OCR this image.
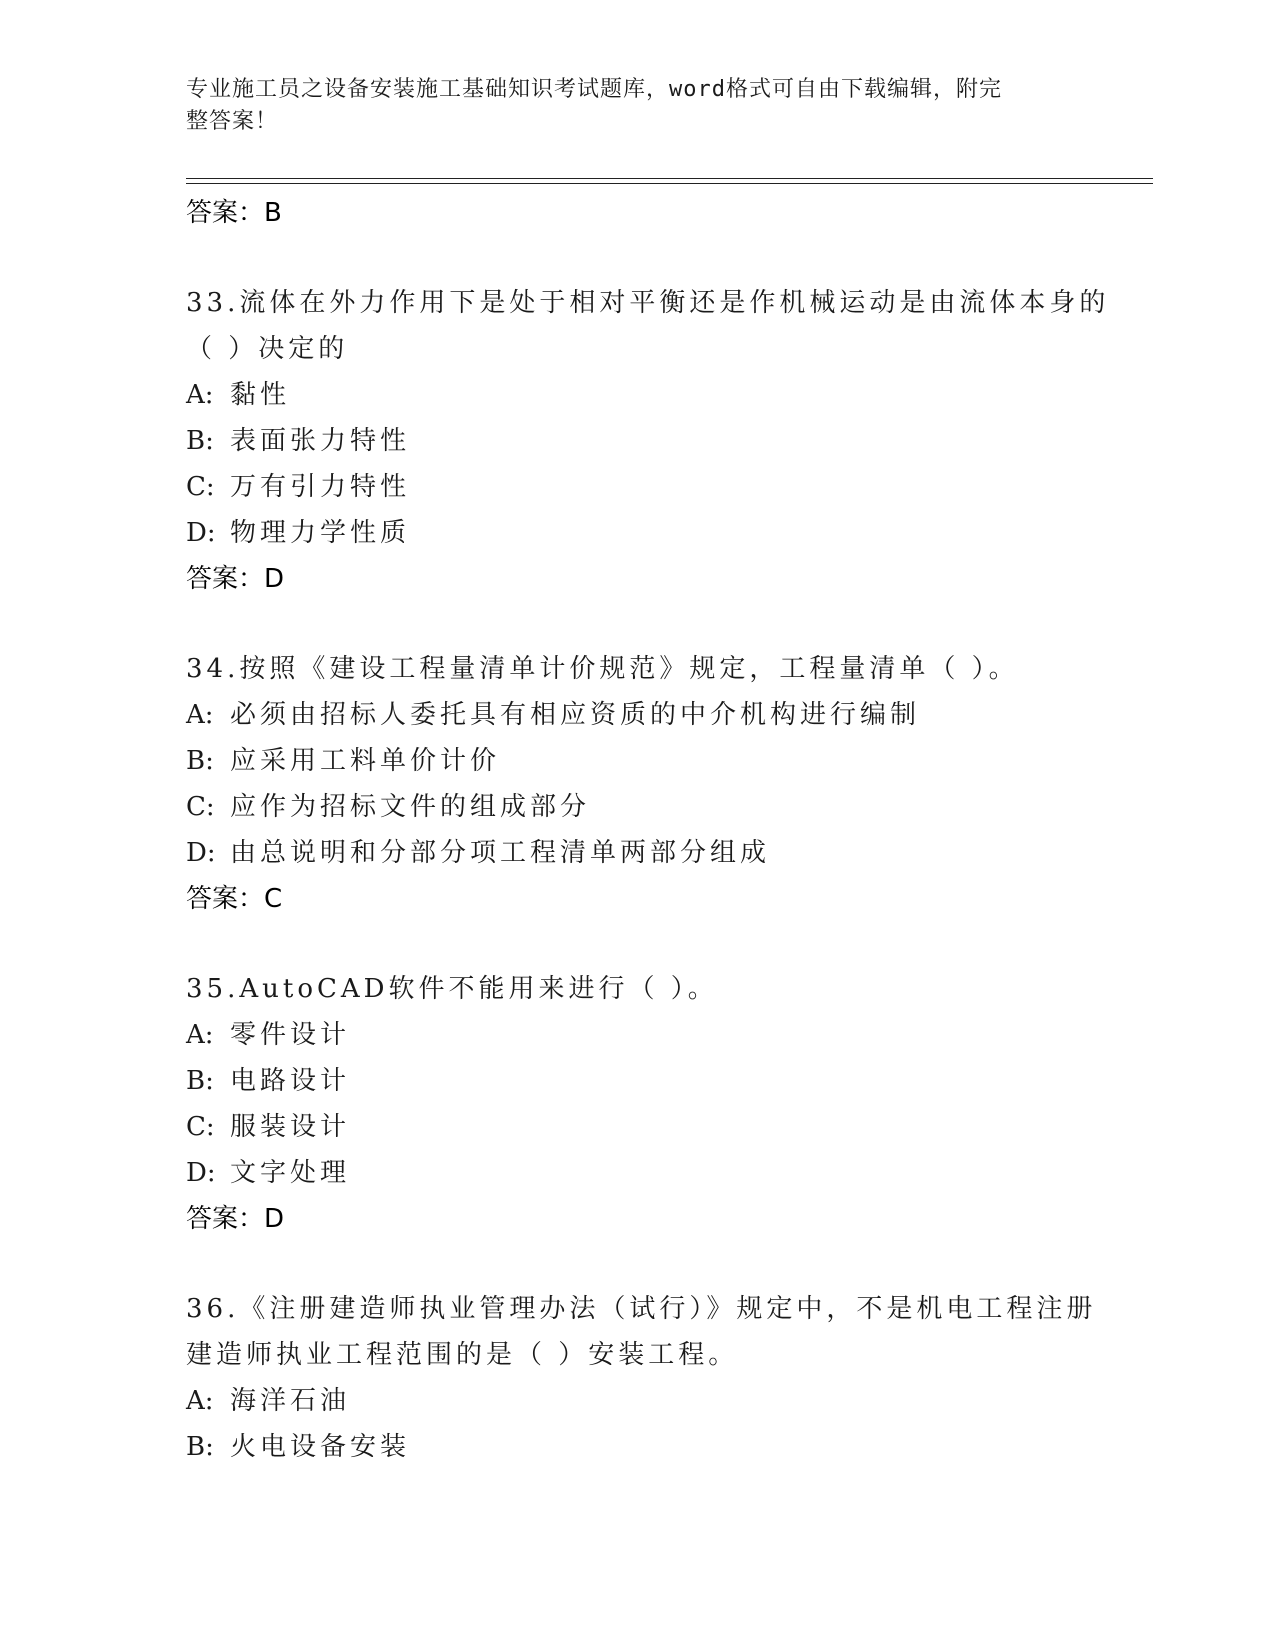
专业施工员之设备安装施工基础知识考试题库，word格式可自由下载编辑，附完
整答案！
答案：B
33.流体在外力作用下是处于相对平衡还是作机械运动是由流体本身的
（ ）决定的
A: 黏性
B: 表面张力特性
C: 万有引力特性
D: 物理力学性质
答案：D
34.按照《建设工程量清单计价规范》规定，工程量清单（ ）。
A: 必须由招标人委托具有相应资质的中介机构进行编制
B: 应采用工料单价计价
C: 应作为招标文件的组成部分
D: 由总说明和分部分项工程清单两部分组成
答案：C
35.AutoCAD软件不能用来进行（ ）。
A: 零件设计
B: 电路设计
C: 服装设计
D: 文字处理
答案：D
36.《注册建造师执业管理办法（试行）》规定中，不是机电工程注册
建造师执业工程范围的是（ ）安装工程。
A: 海洋石油
B: 火电设备安装
